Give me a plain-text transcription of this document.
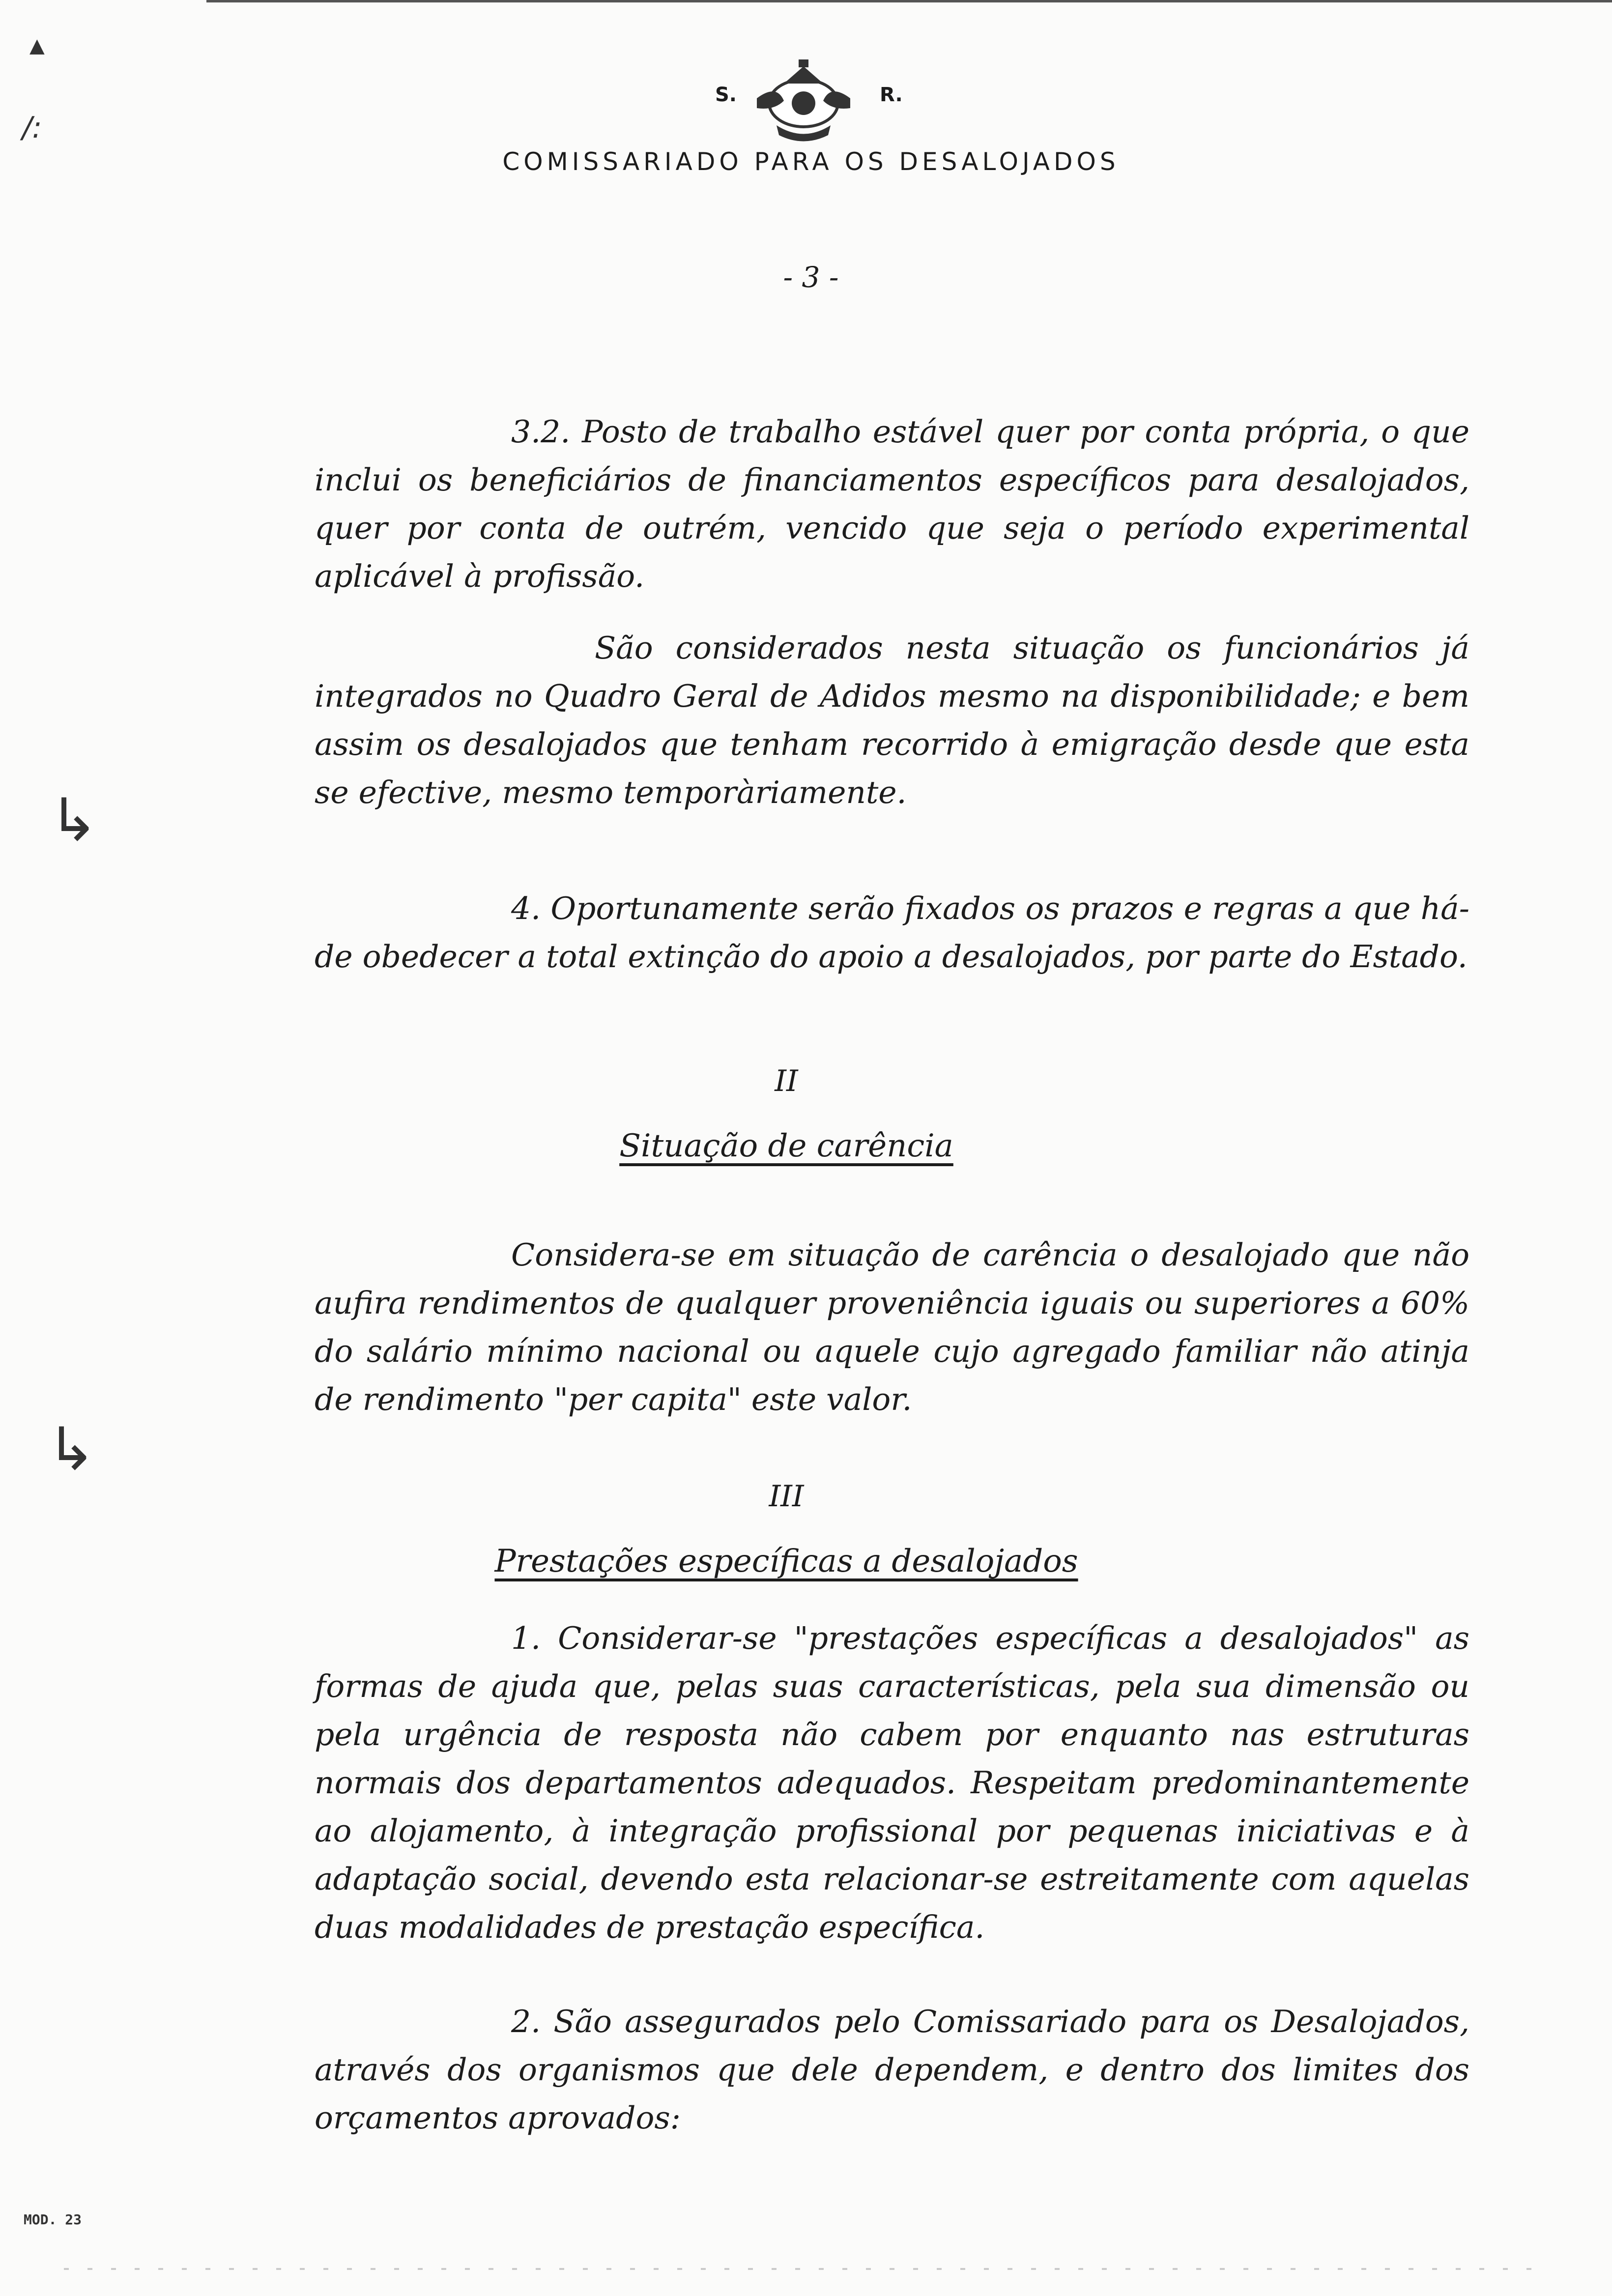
▲
/:
S.	R.
COMISSARIADO PARA OS DESALOJADOS
- 3 -

3.2. Posto de trabalho estável quer por conta própria, o que inclui os beneficiários de financiamentos específicos para desalojados, quer por conta de outrém, vencido que seja o período experimental aplicável à profissão.

São considerados nesta situação os funcionários já integrados no Quadro Geral de Adidos mesmo na disponibilidade; e bem assim os desalojados que tenham recorrido à emigração desde que esta se efective, mesmo temporàriamente.

↳

4. Oportunamente serão fixados os prazos e regras a que há-de obedecer a total extinção do apoio a desalojados, por parte do Estado.

II
Situação de carência

Considera-se em situação de carência o desalojado que não aufira rendimentos de qualquer proveniência iguais ou superiores a 60% do salário mínimo nacional ou aquele cujo agregado familiar não atinja de rendimento "per capita" este valor.

↳
III
Prestações específicas a desalojados

1. Considerar-se "prestações específicas a desalojados" as formas de ajuda que, pelas suas características, pela sua dimensão ou pela urgência de resposta não cabem por enquanto nas estruturas normais dos departamentos adequados. Respeitam predominantemente ao alojamento, à integração profissional por pequenas iniciativas e à adaptação social, devendo esta relacionar-se estreitamente com aquelas duas modalidades de prestação específica.

2. São assegurados pelo Comissariado para os Desalojados, através dos organismos que dele dependem, e dentro dos limites dos orçamentos aprovados:

MOD. 23
